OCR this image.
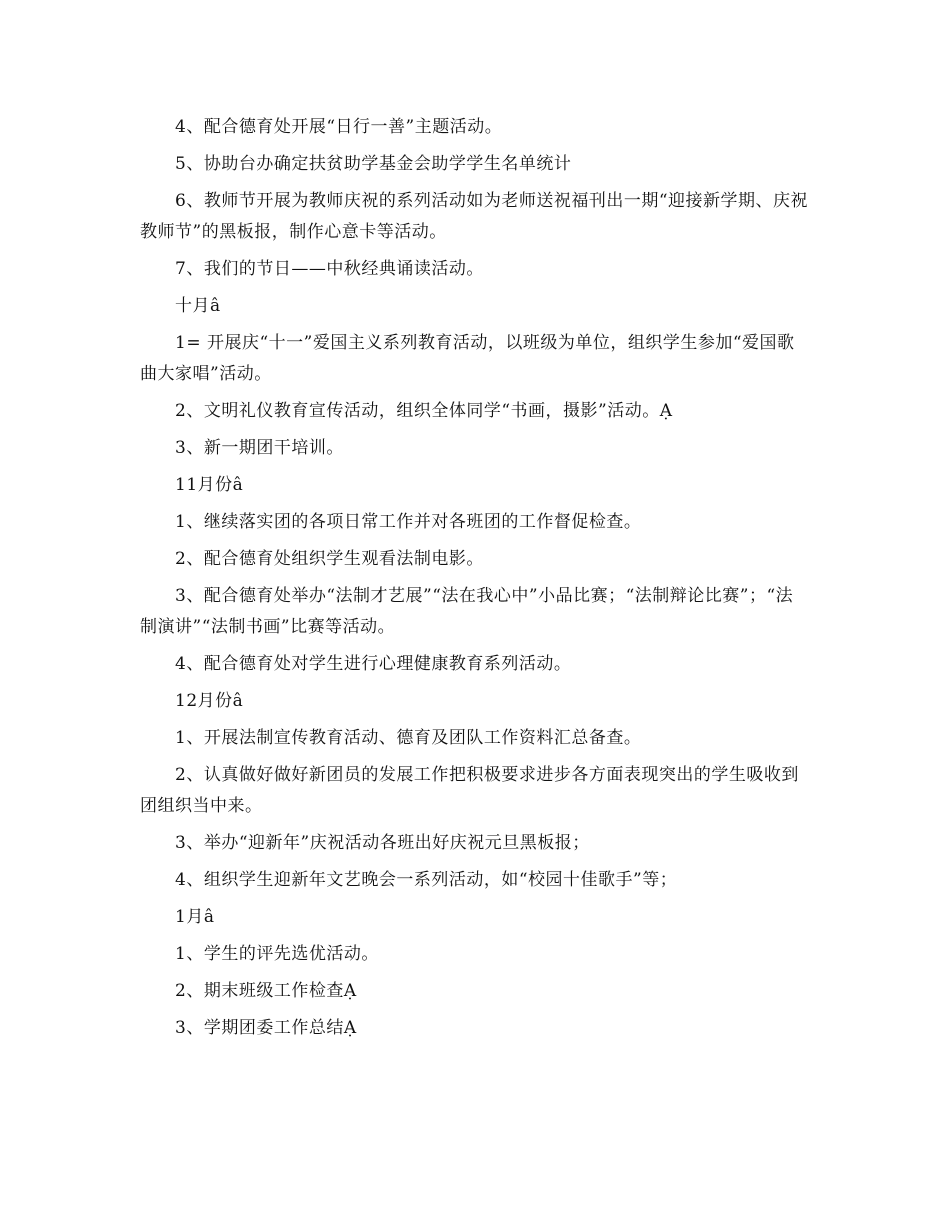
4、配合德育处开展“日行一善”主题活动。

5、协助台办确定扶贫助学基金会助学学生名单统计

6、教师节开展为教师庆祝的系列活动如为老师送祝福刊出一期“迎接新学期、庆祝教师节”的黑板报，制作心意卡等活动。

7、我们的节日——中秋经典诵读活动。

十月â

1= 开展庆“十一”爱国主义系列教育活动，以班级为单位，组织学生参加“爱国歌曲大家唱”活动。

2、文明礼仪教育宣传活动，组织全体同学“书画，摄影”活动。Ạ

3、新一期团干培训。

11月份â

1、继续落实团的各项日常工作并对各班团的工作督促检查。

2、配合德育处组织学生观看法制电影。

3、配合德育处举办“法制才艺展”“法在我心中”小品比赛；“法制辩论比赛”；“法制演讲”“法制书画”比赛等活动。

4、配合德育处对学生进行心理健康教育系列活动。

12月份â

1、开展法制宣传教育活动、德育及团队工作资料汇总备查。

2、认真做好做好新团员的发展工作把积极要求进步各方面表现突出的学生吸收到团组织当中来。

3、举办“迎新年”庆祝活动各班出好庆祝元旦黑板报；

4、组织学生迎新年文艺晚会一系列活动，如“校园十佳歌手”等；

1月â

1、学生的评先选优活动。

2、期末班级工作检查Ạ

3、学期团委工作总结Ạ
